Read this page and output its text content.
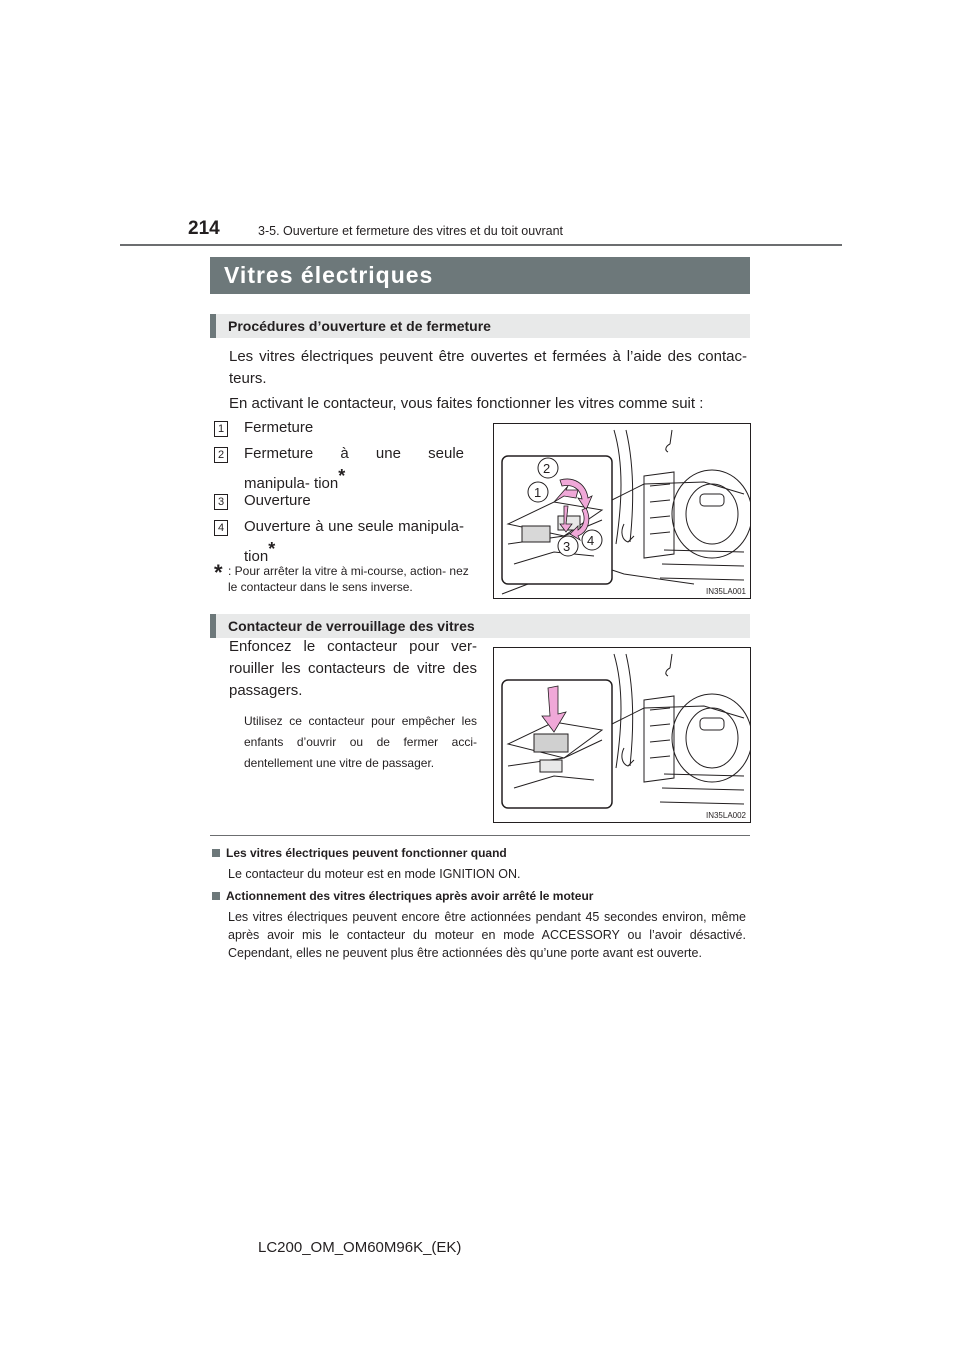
214	3-5. Ouverture et fermeture des vitres et du toit ouvrant
Vitres électriques
Procédures d’ouverture et de fermeture
Les vitres électriques peuvent être ouvertes et fermées à l’aide des contac- teurs.
En activant le contacteur, vous faites fonctionner les vitres comme suit :
1 Fermeture
2 Fermeture à une seule manipula- tion*
3 Ouverture
4 Ouverture à une seule manipula- tion*
* : Pour arrêter la vitre à mi-course, action- nez le contacteur dans le sens inverse.
2
1
3 4
IN35LA001
Contacteur de verrouillage des vitres
Enfoncez le contacteur pour ver- rouiller les contacteurs de vitre des passagers.
Utilisez ce contacteur pour empêcher les enfants d’ouvrir ou de fermer acci- dentellement une vitre de passager.
IN35LA002
Les vitres électriques peuvent fonctionner quand
Le contacteur du moteur est en mode IGNITION ON.
Actionnement des vitres électriques après avoir arrêté le moteur
Les vitres électriques peuvent encore être actionnées pendant 45 secondes environ, même après avoir mis le contacteur du moteur en mode ACCESSORY ou l’avoir désactivé. Cependant, elles ne peuvent plus être actionnées dès qu’une porte avant est ouverte.
LC200_OM_OM60M96K_(EK)
